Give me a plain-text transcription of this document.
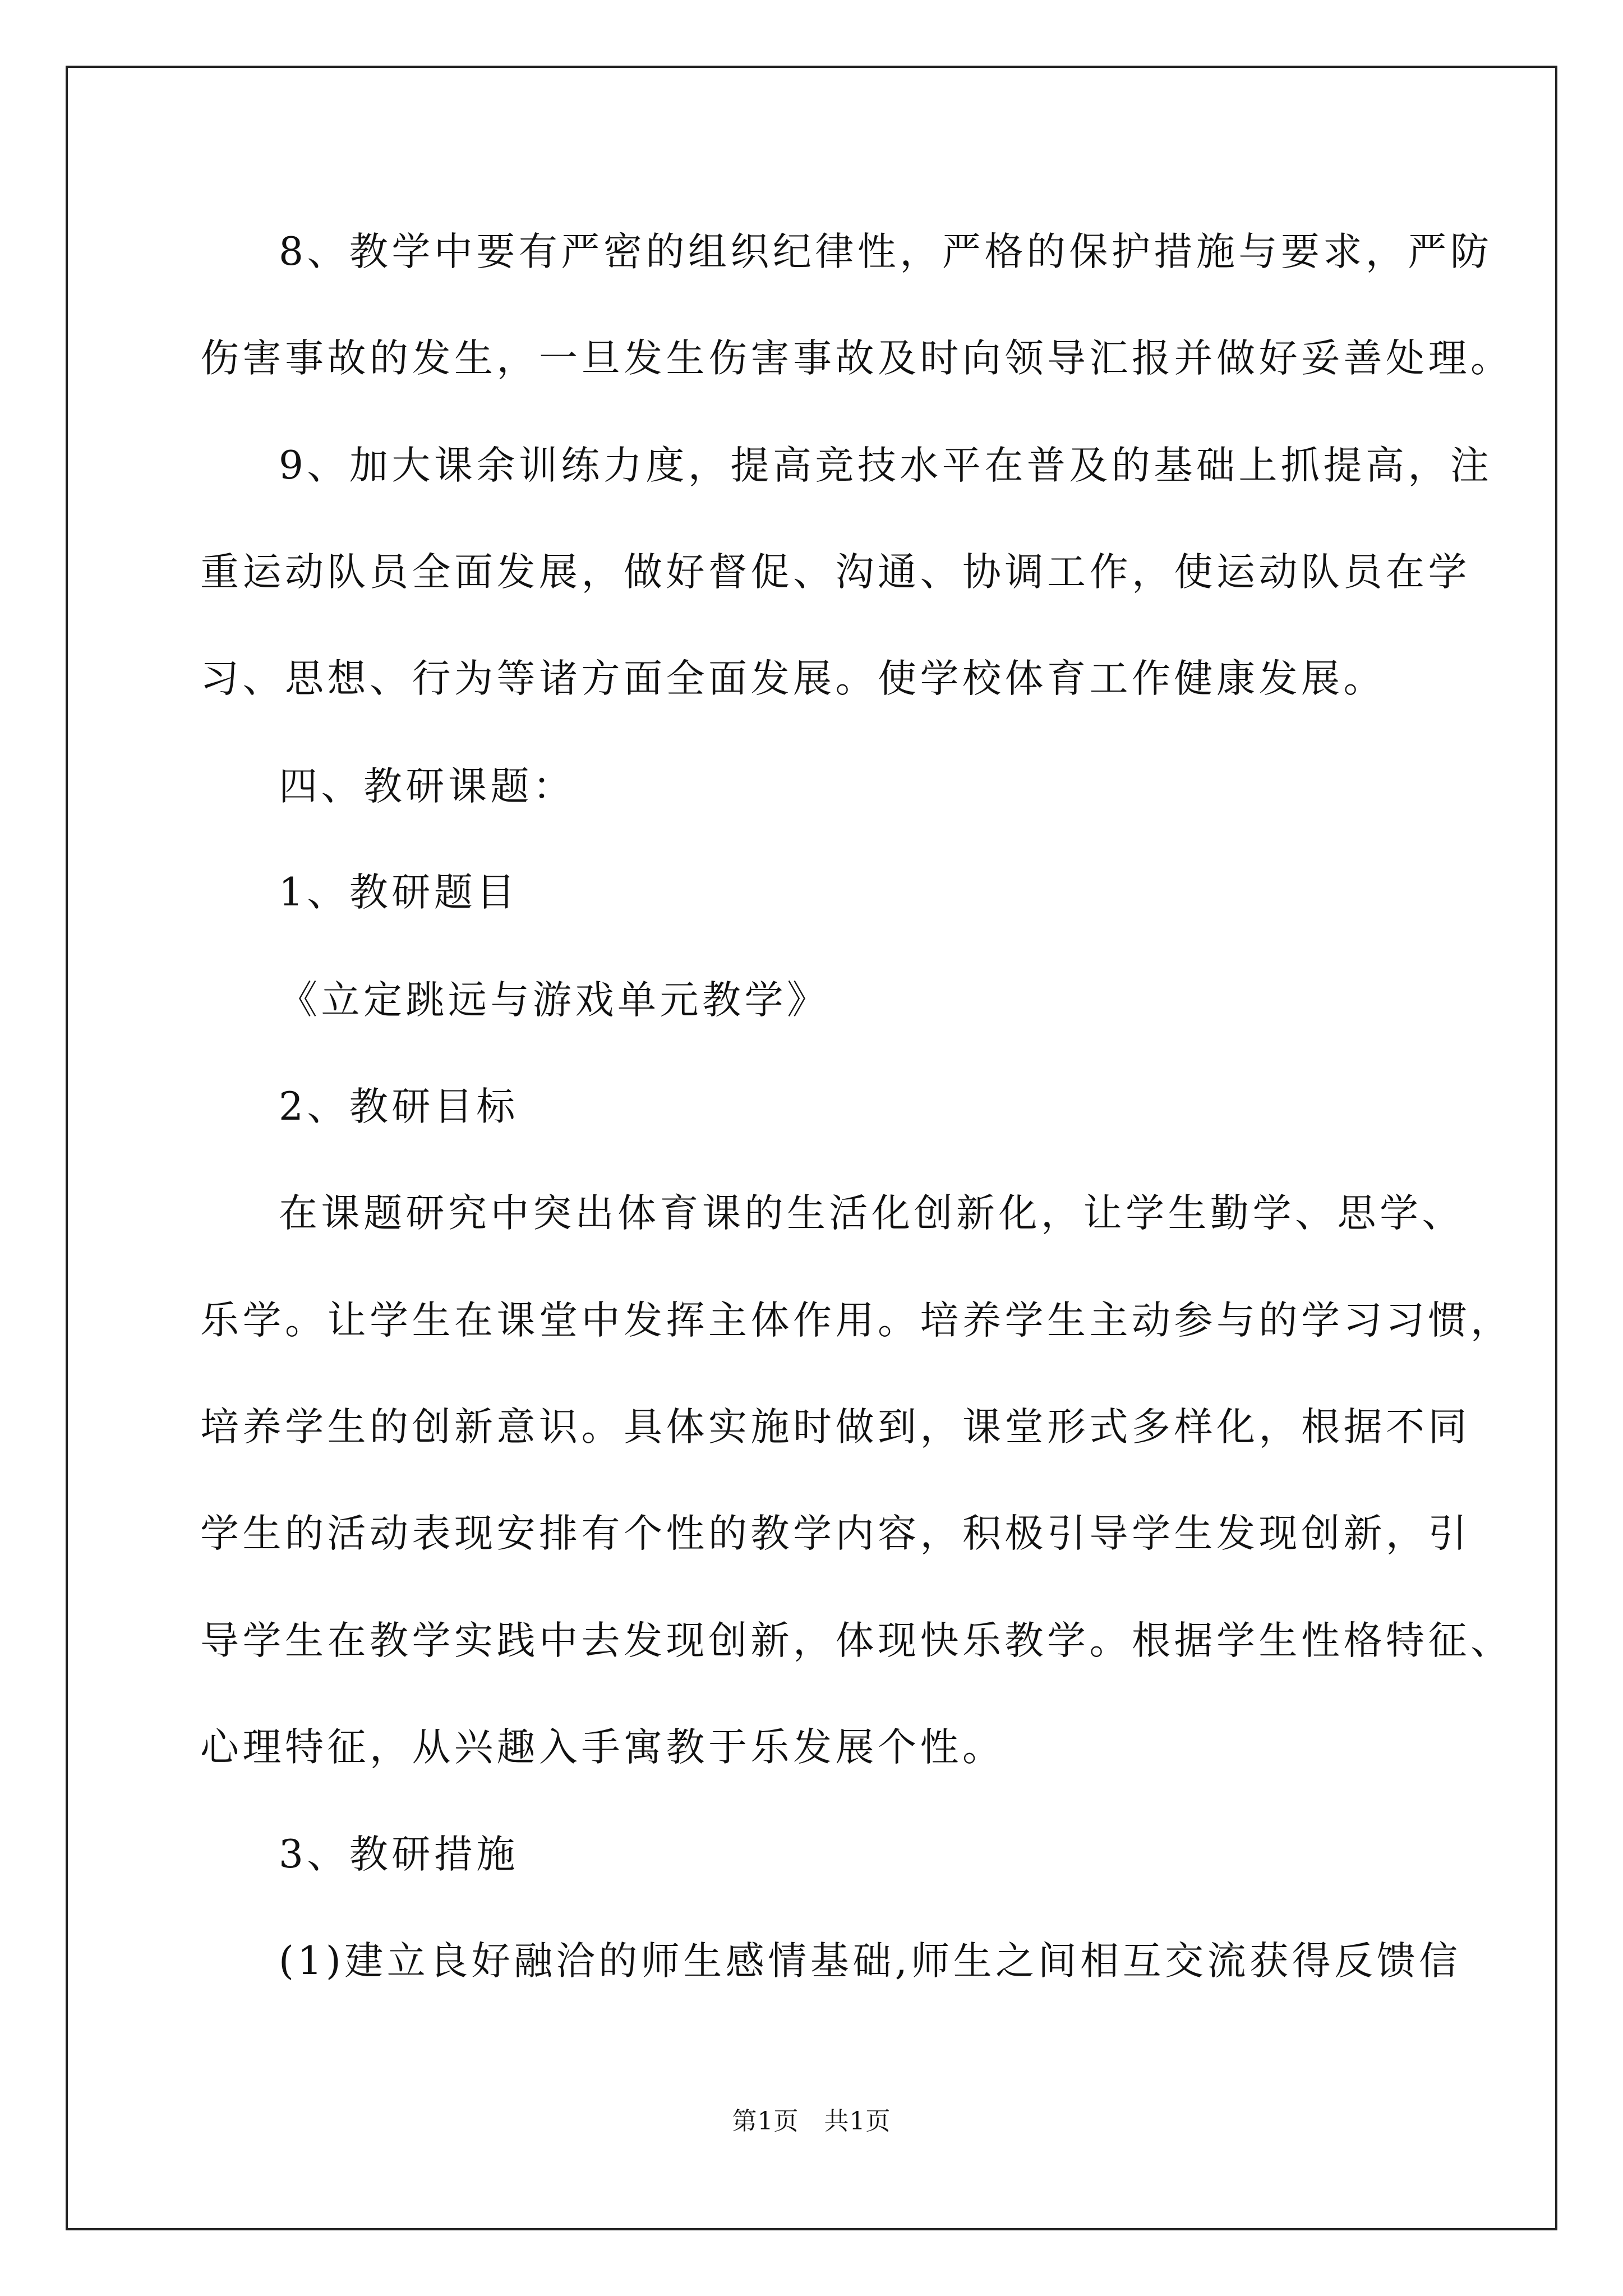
8、教学中要有严密的组织纪律性，严格的保护措施与要求，严防
伤害事故的发生，一旦发生伤害事故及时向领导汇报并做好妥善处理。
9、加大课余训练力度，提高竞技水平在普及的基础上抓提高，注
重运动队员全面发展，做好督促、沟通、协调工作，使运动队员在学
习、思想、行为等诸方面全面发展。使学校体育工作健康发展。
四、教研课题：
1、教研题目
《立定跳远与游戏单元教学》
2、教研目标
在课题研究中突出体育课的生活化创新化，让学生勤学、思学、
乐学。让学生在课堂中发挥主体作用。培养学生主动参与的学习习惯，
培养学生的创新意识。具体实施时做到，课堂形式多样化，根据不同
学生的活动表现安排有个性的教学内容，积极引导学生发现创新，引
导学生在教学实践中去发现创新，体现快乐教学。根据学生性格特征、
心理特征，从兴趣入手寓教于乐发展个性。
3、教研措施
(1)建立良好融洽的师生感情基础,师生之间相互交流获得反馈信
第1页   共1页
